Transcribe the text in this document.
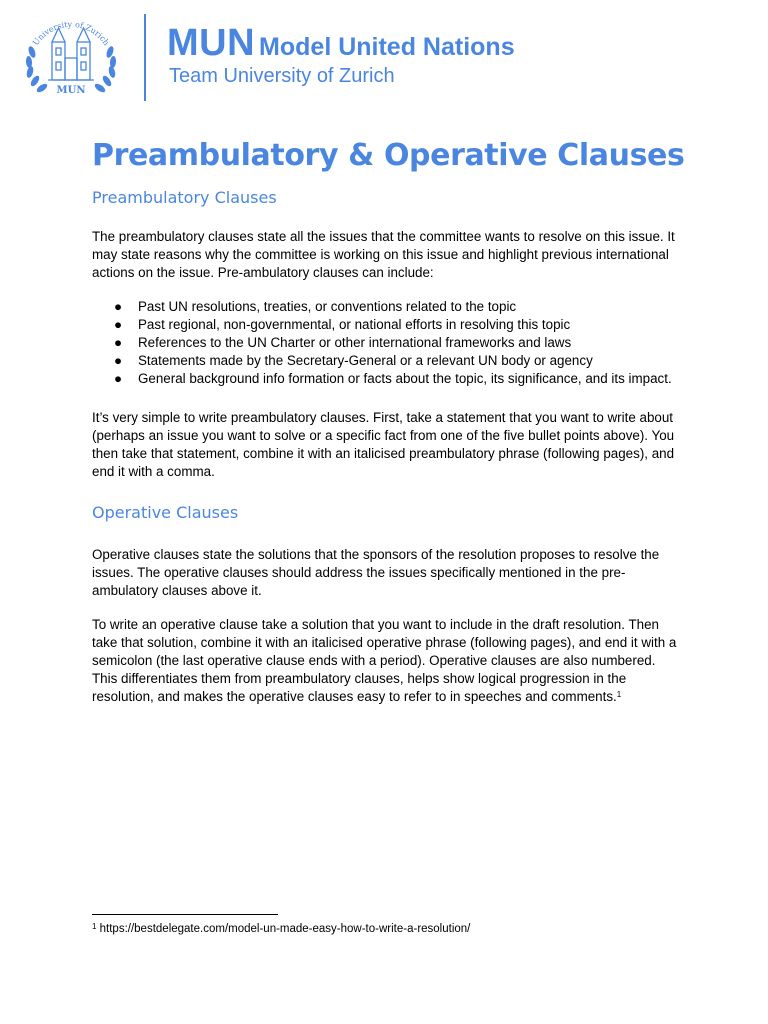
University of Zurich
MUN
MUN Model United Nations
Team University of Zurich
Preambulatory & Operative Clauses
Preambulatory Clauses

The preambulatory clauses state all the issues that the committee wants to resolve on this issue. It may state reasons why the committee is working on this issue and highlight previous international actions on the issue. Pre-ambulatory clauses can include:

● Past UN resolutions, treaties, or conventions related to the topic
● Past regional, non-governmental, or national efforts in resolving this topic
● References to the UN Charter or other international frameworks and laws
● Statements made by the Secretary-General or a relevant UN body or agency
● General background info formation or facts about the topic, its significance, and its impact.

It’s very simple to write preambulatory clauses. First, take a statement that you want to write about (perhaps an issue you want to solve or a specific fact from one of the five bullet points above). You then take that statement, combine it with an italicised preambulatory phrase (following pages), and end it with a comma.

Operative Clauses

Operative clauses state the solutions that the sponsors of the resolution proposes to resolve the issues. The operative clauses should address the issues specifically mentioned in the pre-ambulatory clauses above it.

To write an operative clause take a solution that you want to include in the draft resolution. Then take that solution, combine it with an italicised operative phrase (following pages), and end it with a semicolon (the last operative clause ends with a period). Operative clauses are also numbered. This differentiates them from preambulatory clauses, helps show logical progression in the resolution, and makes the operative clauses easy to refer to in speeches and comments.$^1$

$^1$ https://bestdelegate.com/model-un-made-easy-how-to-write-a-resolution/
